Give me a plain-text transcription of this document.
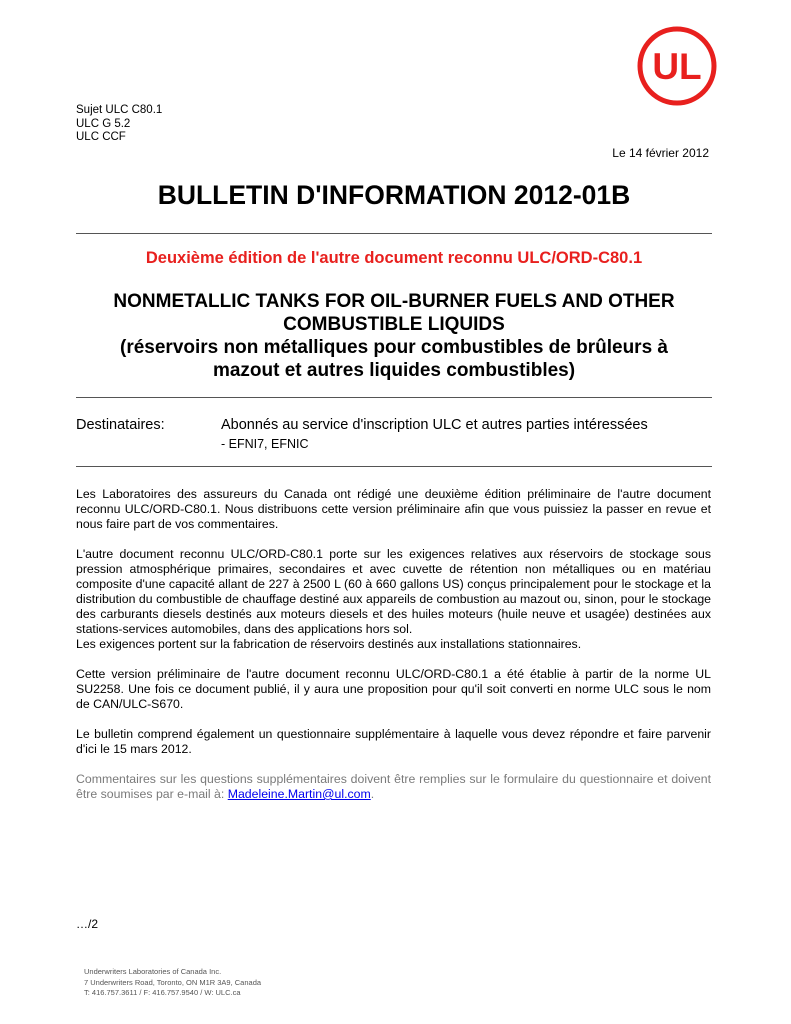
UL
Sujet ULC C80.1
ULC G 5.2
ULC CCF
Le 14 février 2012
BULLETIN D'INFORMATION 2012-01B
Deuxième édition de l'autre document reconnu ULC/ORD-C80.1
NONMETALLIC TANKS FOR OIL-BURNER FUELS AND OTHER
COMBUSTIBLE LIQUIDS
(réservoirs non métalliques pour combustibles de brûleurs à
mazout et autres liquides combustibles)
Destinataires:	Abonnés au service d'inscription ULC et autres parties intéressées
- EFNI7, EFNIC

Les Laboratoires des assureurs du Canada ont rédigé une deuxième édition préliminaire de l'autre document reconnu ULC/ORD-C80.1. Nous distribuons cette version préliminaire afin que vous puissiez la passer en revue et nous faire part de vos commentaires.

L'autre document reconnu ULC/ORD-C80.1 porte sur les exigences relatives aux réservoirs de stockage sous pression atmosphérique primaires, secondaires et avec cuvette de rétention non métalliques ou en matériau composite d'une capacité allant de 227 à 2500 L (60 à 660 gallons US) conçus principalement pour le stockage et la distribution du combustible de chauffage destiné aux appareils de combustion au mazout ou, sinon, pour le stockage des carburants diesels destinés aux moteurs diesels et des huiles moteurs (huile neuve et usagée) destinées aux stations-services automobiles, dans des applications hors sol.

Les exigences portent sur la fabrication de réservoirs destinés aux installations stationnaires.

Cette version préliminaire de l'autre document reconnu ULC/ORD-C80.1 a été établie à partir de la norme UL SU2258. Une fois ce document publié, il y aura une proposition pour qu'il soit converti en norme ULC sous le nom de CAN/ULC-S670.

Le bulletin comprend également un questionnaire supplémentaire à laquelle vous devez répondre et faire parvenir d'ici le 15 mars 2012.

Commentaires sur les questions supplémentaires doivent être remplies sur le formulaire du questionnaire et doivent être soumises par e-mail à: Madeleine.Martin@ul.com.

…/2
Underwriters Laboratories of Canada Inc.
7 Underwriters Road, Toronto, ON M1R 3A9, Canada
T: 416.757.3611 / F: 416.757.9540 / W: ULC.ca
